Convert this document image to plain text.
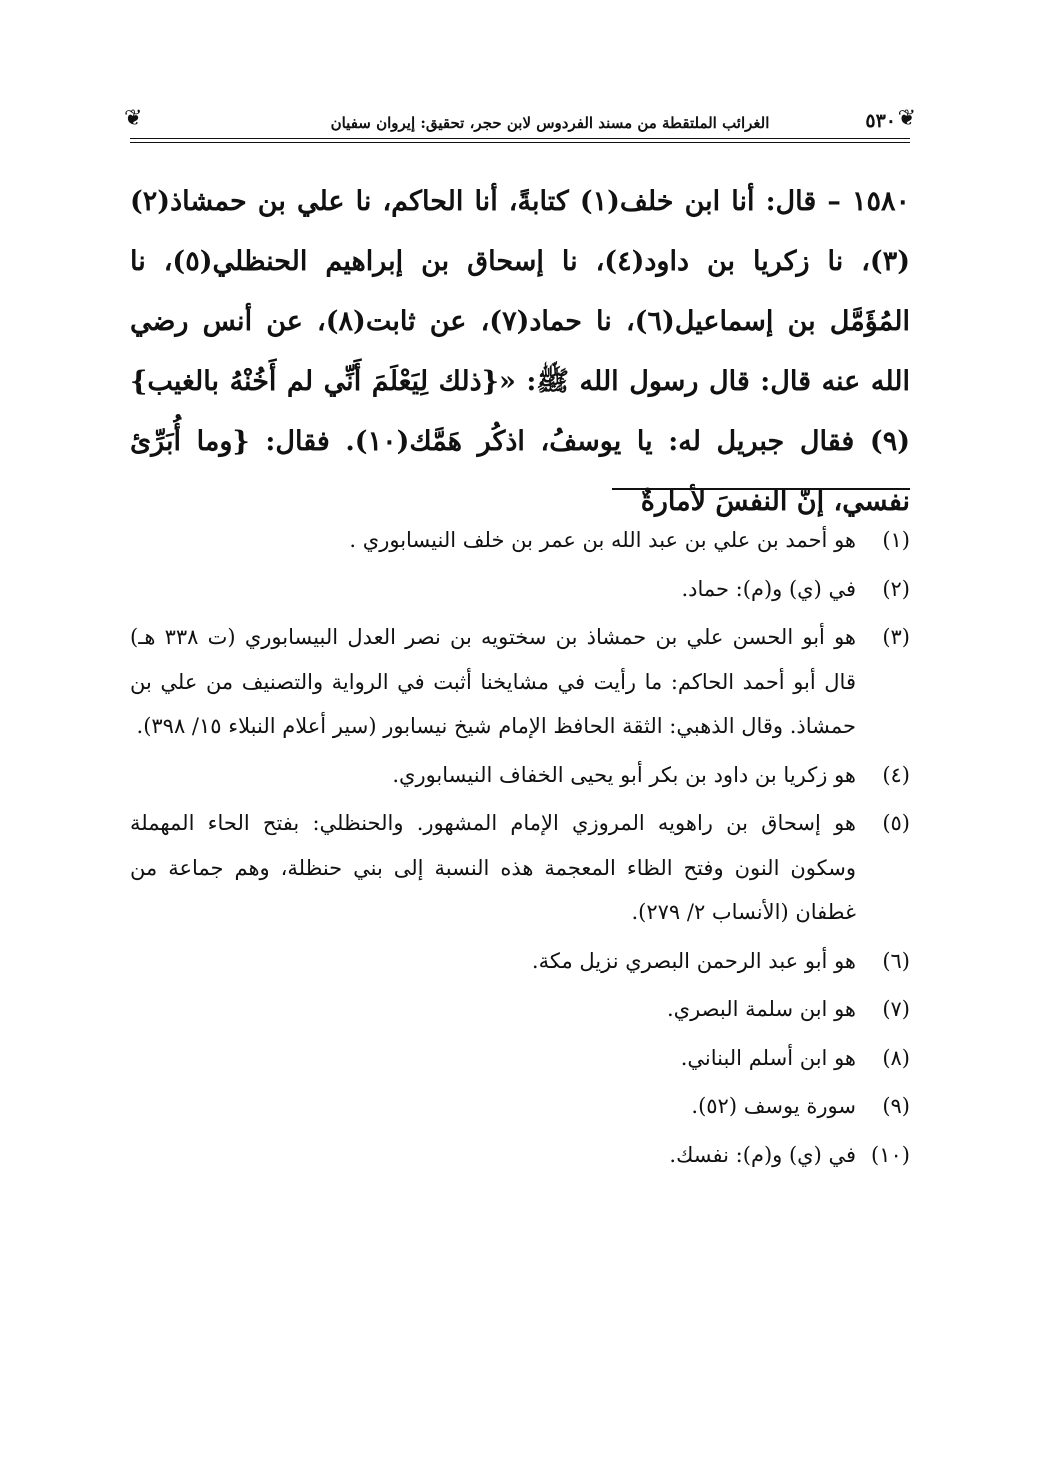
❦
٥٣٠
الغرائب الملتقطة من مسند الفردوس لابن حجر، تحقيق: إيروان سفيان
❦
١٥٨٠ – قال: أنا ابن خلف(١) كتابةً، أنا الحاكم، نا علي بن حمشاذ(٢)(٣)، نا زكريا بن داود(٤)، نا إسحاق بن إبراهيم الحنظلي(٥)، نا المُؤَمَّل بن إسماعيل(٦)، نا حماد(٧)، عن ثابت(٨)، عن أنس رضي الله عنه قال: قال رسول الله ﷺ: «{ذلك لِيَعْلَمَ أَنِّي لم أَخُنْهُ بالغيب}(٩) فقال جبريل له: يا يوسفُ، اذكُر هَمَّك(١٠). فقال: {وما أُبَرِّئ نفسي، إنّ النفسَ لأمارةٌ
(١)
هو أحمد بن علي بن عبد الله بن عمر بن خلف النيسابوري .
(٢)
في (ي) و(م): حماد.
(٣)
هو أبو الحسن علي بن حمشاذ بن سختويه بن نصر العدل البيسابوري (ت ٣٣٨ هـ) قال أبو أحمد الحاكم: ما رأيت في مشايخنا أثبت في الرواية والتصنيف من علي بن حمشاذ. وقال الذهبي: الثقة الحافظ الإمام شيخ نيسابور (سير أعلام النبلاء ١٥/ ٣٩٨).
(٤)
هو زكريا بن داود بن بكر أبو يحيى الخفاف النيسابوري.
(٥)
هو إسحاق بن راهويه المروزي الإمام المشهور. والحنظلي: بفتح الحاء المهملة وسكون النون وفتح الظاء المعجمة هذه النسبة إلى بني حنظلة، وهم جماعة من غطفان (الأنساب ٢/ ٢٧٩).
(٦)
هو أبو عبد الرحمن البصري نزيل مكة.
(٧)
هو ابن سلمة البصري.
(٨)
هو ابن أسلم البناني.
(٩)
سورة يوسف (٥٢).
(١٠)
في (ي) و(م): نفسك.
